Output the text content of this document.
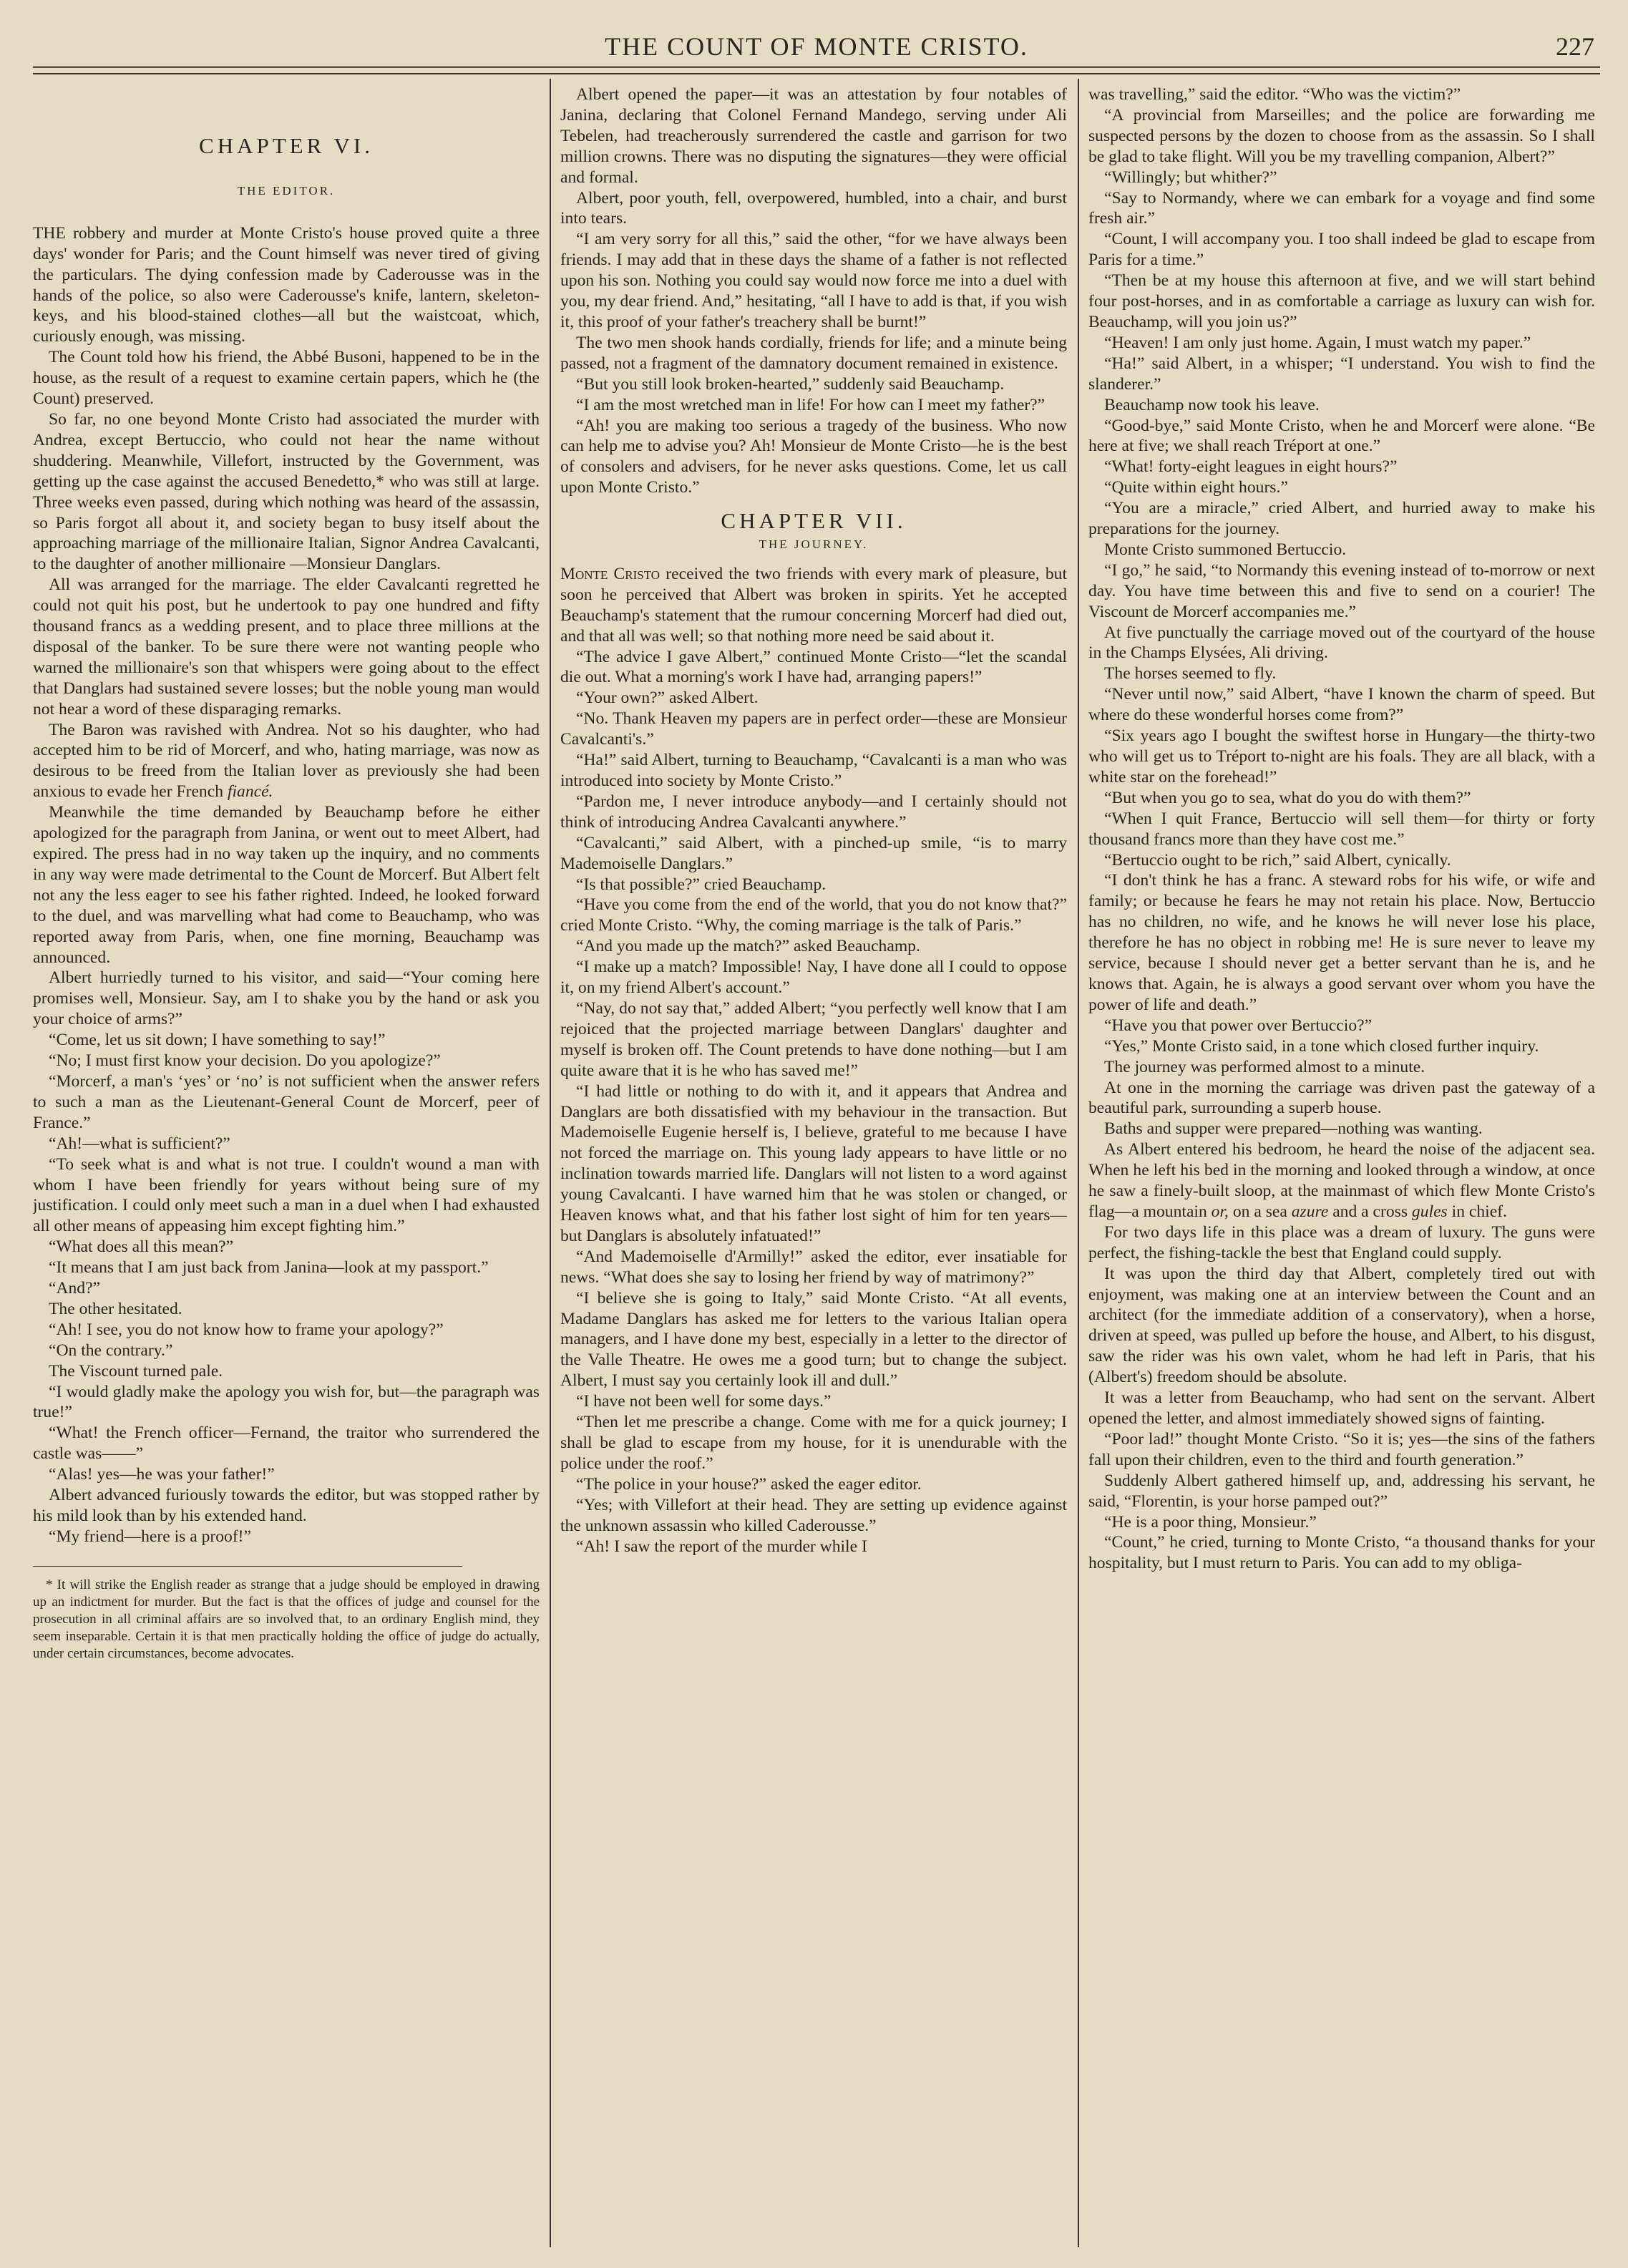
THE COUNT OF MONTE CRISTO.	227
CHAPTER VI.
THE EDITOR.

THE robbery and murder at Monte Cristo's house proved quite a three days' wonder for Paris; and the Count himself was never tired of giving the particulars. The dying confession made by Caderousse was in the hands of the police, so also were Caderousse's knife, lantern, skeleton-keys, and his blood-stained clothes—all but the waistcoat, which, curiously enough, was missing.

The Count told how his friend, the Abbé Busoni, happened to be in the house, as the result of a request to examine certain papers, which he (the Count) preserved.

So far, no one beyond Monte Cristo had associated the murder with Andrea, except Bertuccio, who could not hear the name without shuddering. Meanwhile, Villefort, instructed by the Government, was getting up the case against the accused Benedetto,* who was still at large. Three weeks even passed, during which nothing was heard of the assassin, so Paris forgot all about it, and society began to busy itself about the approaching marriage of the millionaire Italian, Signor Andrea Cavalcanti, to the daughter of another millionaire —Monsieur Danglars.

All was arranged for the marriage. The elder Cavalcanti regretted he could not quit his post, but he undertook to pay one hundred and fifty thousand francs as a wedding present, and to place three millions at the disposal of the banker. To be sure there were not wanting people who warned the millionaire's son that whispers were going about to the effect that Danglars had sustained severe losses; but the noble young man would not hear a word of these disparaging remarks.

The Baron was ravished with Andrea. Not so his daughter, who had accepted him to be rid of Morcerf, and who, hating marriage, was now as desirous to be freed from the Italian lover as previously she had been anxious to evade her French fiancé.

Meanwhile the time demanded by Beauchamp before he either apologized for the paragraph from Janina, or went out to meet Albert, had expired. The press had in no way taken up the inquiry, and no comments in any way were made detrimental to the Count de Morcerf. But Albert felt not any the less eager to see his father righted. Indeed, he looked forward to the duel, and was marvelling what had come to Beauchamp, who was reported away from Paris, when, one fine morning, Beauchamp was announced.

Albert hurriedly turned to his visitor, and said—“Your coming here promises well, Monsieur. Say, am I to shake you by the hand or ask you your choice of arms?”

“Come, let us sit down; I have something to say!”

“No; I must first know your decision. Do you apologize?”

“Morcerf, a man's ‘yes’ or ‘no’ is not sufficient when the answer refers to such a man as the Lieutenant-General Count de Morcerf, peer of France.”

“Ah!—what is sufficient?”

“To seek what is and what is not true. I couldn't wound a man with whom I have been friendly for years without being sure of my justification. I could only meet such a man in a duel when I had exhausted all other means of appeasing him except fighting him.”

“What does all this mean?”

“It means that I am just back from Janina—look at my passport.”

“And?”

The other hesitated.

“Ah! I see, you do not know how to frame your apology?”

“On the contrary.”

The Viscount turned pale.

“I would gladly make the apology you wish for, but—the paragraph was true!”

“What! the French officer—Fernand, the traitor who surrendered the castle was——”

“Alas! yes—he was your father!”

Albert advanced furiously towards the editor, but was stopped rather by his mild look than by his extended hand.

“My friend—here is a proof!”

* It will strike the English reader as strange that a judge should be employed in drawing up an indictment for murder. But the fact is that the offices of judge and counsel for the prosecution in all criminal affairs are so involved that, to an ordinary English mind, they seem inseparable. Certain it is that men practically holding the office of judge do actually, under certain circumstances, become advocates.

Albert opened the paper—it was an attestation by four notables of Janina, declaring that Colonel Fernand Mandego, serving under Ali Tebelen, had treacherously surrendered the castle and garrison for two million crowns. There was no disputing the signatures—they were official and formal.

Albert, poor youth, fell, overpowered, humbled, into a chair, and burst into tears.

“I am very sorry for all this,” said the other, “for we have always been friends. I may add that in these days the shame of a father is not reflected upon his son. Nothing you could say would now force me into a duel with you, my dear friend. And,” hesitating, “all I have to add is that, if you wish it, this proof of your father's treachery shall be burnt!”

The two men shook hands cordially, friends for life; and a minute being passed, not a fragment of the damnatory document remained in existence.

“But you still look broken-hearted,” suddenly said Beauchamp.

“I am the most wretched man in life! For how can I meet my father?”

“Ah! you are making too serious a tragedy of the business. Who now can help me to advise you? Ah! Monsieur de Monte Cristo—he is the best of consolers and advisers, for he never asks questions. Come, let us call upon Monte Cristo.”

CHAPTER VII.
THE JOURNEY.

Monte Cristo received the two friends with every mark of pleasure, but soon he perceived that Albert was broken in spirits. Yet he accepted Beauchamp's statement that the rumour concerning Morcerf had died out, and that all was well; so that nothing more need be said about it.

“The advice I gave Albert,” continued Monte Cristo—“let the scandal die out. What a morning's work I have had, arranging papers!”

“Your own?” asked Albert.

“No. Thank Heaven my papers are in perfect order—these are Monsieur Cavalcanti's.”

“Ha!” said Albert, turning to Beauchamp, “Cavalcanti is a man who was introduced into society by Monte Cristo.”

“Pardon me, I never introduce anybody—and I certainly should not think of introducing Andrea Cavalcanti anywhere.”

“Cavalcanti,” said Albert, with a pinched-up smile, “is to marry Mademoiselle Danglars.”

“Is that possible?” cried Beauchamp.

“Have you come from the end of the world, that you do not know that?” cried Monte Cristo. “Why, the coming marriage is the talk of Paris.”

“And you made up the match?” asked Beauchamp.

“I make up a match? Impossible! Nay, I have done all I could to oppose it, on my friend Albert's account.”

“Nay, do not say that,” added Albert; “you perfectly well know that I am rejoiced that the projected marriage between Danglars' daughter and myself is broken off. The Count pretends to have done nothing—but I am quite aware that it is he who has saved me!”

“I had little or nothing to do with it, and it appears that Andrea and Danglars are both dissatisfied with my behaviour in the transaction. But Mademoiselle Eugenie herself is, I believe, grateful to me because I have not forced the marriage on. This young lady appears to have little or no inclination towards married life. Danglars will not listen to a word against young Cavalcanti. I have warned him that he was stolen or changed, or Heaven knows what, and that his father lost sight of him for ten years—but Danglars is absolutely infatuated!”

“And Mademoiselle d'Armilly!” asked the editor, ever insatiable for news. “What does she say to losing her friend by way of matrimony?”

“I believe she is going to Italy,” said Monte Cristo. “At all events, Madame Danglars has asked me for letters to the various Italian opera managers, and I have done my best, especially in a letter to the director of the Valle Theatre. He owes me a good turn; but to change the subject. Albert, I must say you certainly look ill and dull.”

“I have not been well for some days.”

“Then let me prescribe a change. Come with me for a quick journey; I shall be glad to escape from my house, for it is unendurable with the police under the roof.”

“The police in your house?” asked the eager editor.

“Yes; with Villefort at their head. They are setting up evidence against the unknown assassin who killed Caderousse.”

“Ah! I saw the report of the murder while I

was travelling,” said the editor. “Who was the victim?”

“A provincial from Marseilles; and the police are forwarding me suspected persons by the dozen to choose from as the assassin. So I shall be glad to take flight. Will you be my travelling companion, Albert?”

“Willingly; but whither?”

“Say to Normandy, where we can embark for a voyage and find some fresh air.”

“Count, I will accompany you. I too shall indeed be glad to escape from Paris for a time.”

“Then be at my house this afternoon at five, and we will start behind four post-horses, and in as comfortable a carriage as luxury can wish for. Beauchamp, will you join us?”

“Heaven! I am only just home. Again, I must watch my paper.”

“Ha!” said Albert, in a whisper; “I understand. You wish to find the slanderer.”

Beauchamp now took his leave.

“Good-bye,” said Monte Cristo, when he and Morcerf were alone. “Be here at five; we shall reach Tréport at one.”

“What! forty-eight leagues in eight hours?”

“Quite within eight hours.”

“You are a miracle,” cried Albert, and hurried away to make his preparations for the journey.

Monte Cristo summoned Bertuccio.

“I go,” he said, “to Normandy this evening instead of to-morrow or next day. You have time between this and five to send on a courier! The Viscount de Morcerf accompanies me.”

At five punctually the carriage moved out of the courtyard of the house in the Champs Elysées, Ali driving.

The horses seemed to fly.

“Never until now,” said Albert, “have I known the charm of speed. But where do these wonderful horses come from?”

“Six years ago I bought the swiftest horse in Hungary—the thirty-two who will get us to Tréport to-night are his foals. They are all black, with a white star on the forehead!”

“But when you go to sea, what do you do with them?”

“When I quit France, Bertuccio will sell them—for thirty or forty thousand francs more than they have cost me.”

“Bertuccio ought to be rich,” said Albert, cynically.

“I don't think he has a franc. A steward robs for his wife, or wife and family; or because he fears he may not retain his place. Now, Bertuccio has no children, no wife, and he knows he will never lose his place, therefore he has no object in robbing me! He is sure never to leave my service, because I should never get a better servant than he is, and he knows that. Again, he is always a good servant over whom you have the power of life and death.”

“Have you that power over Bertuccio?”

“Yes,” Monte Cristo said, in a tone which closed further inquiry.

The journey was performed almost to a minute.

At one in the morning the carriage was driven past the gateway of a beautiful park, surrounding a superb house.

Baths and supper were prepared—nothing was wanting.

As Albert entered his bedroom, he heard the noise of the adjacent sea. When he left his bed in the morning and looked through a window, at once he saw a finely-built sloop, at the mainmast of which flew Monte Cristo's flag—a mountain or, on a sea azure and a cross gules in chief.

For two days life in this place was a dream of luxury. The guns were perfect, the fishing-tackle the best that England could supply.

It was upon the third day that Albert, completely tired out with enjoyment, was making one at an interview between the Count and an architect (for the immediate addition of a conservatory), when a horse, driven at speed, was pulled up before the house, and Albert, to his disgust, saw the rider was his own valet, whom he had left in Paris, that his (Albert's) freedom should be absolute.

It was a letter from Beauchamp, who had sent on the servant. Albert opened the letter, and almost immediately showed signs of fainting.

“Poor lad!” thought Monte Cristo. “So it is; yes—the sins of the fathers fall upon their children, even to the third and fourth generation.”

Suddenly Albert gathered himself up, and, addressing his servant, he said, “Florentin, is your horse pamped out?”

“He is a poor thing, Monsieur.”

“Count,” he cried, turning to Monte Cristo, “a thousand thanks for your hospitality, but I must return to Paris. You can add to my obliga-
